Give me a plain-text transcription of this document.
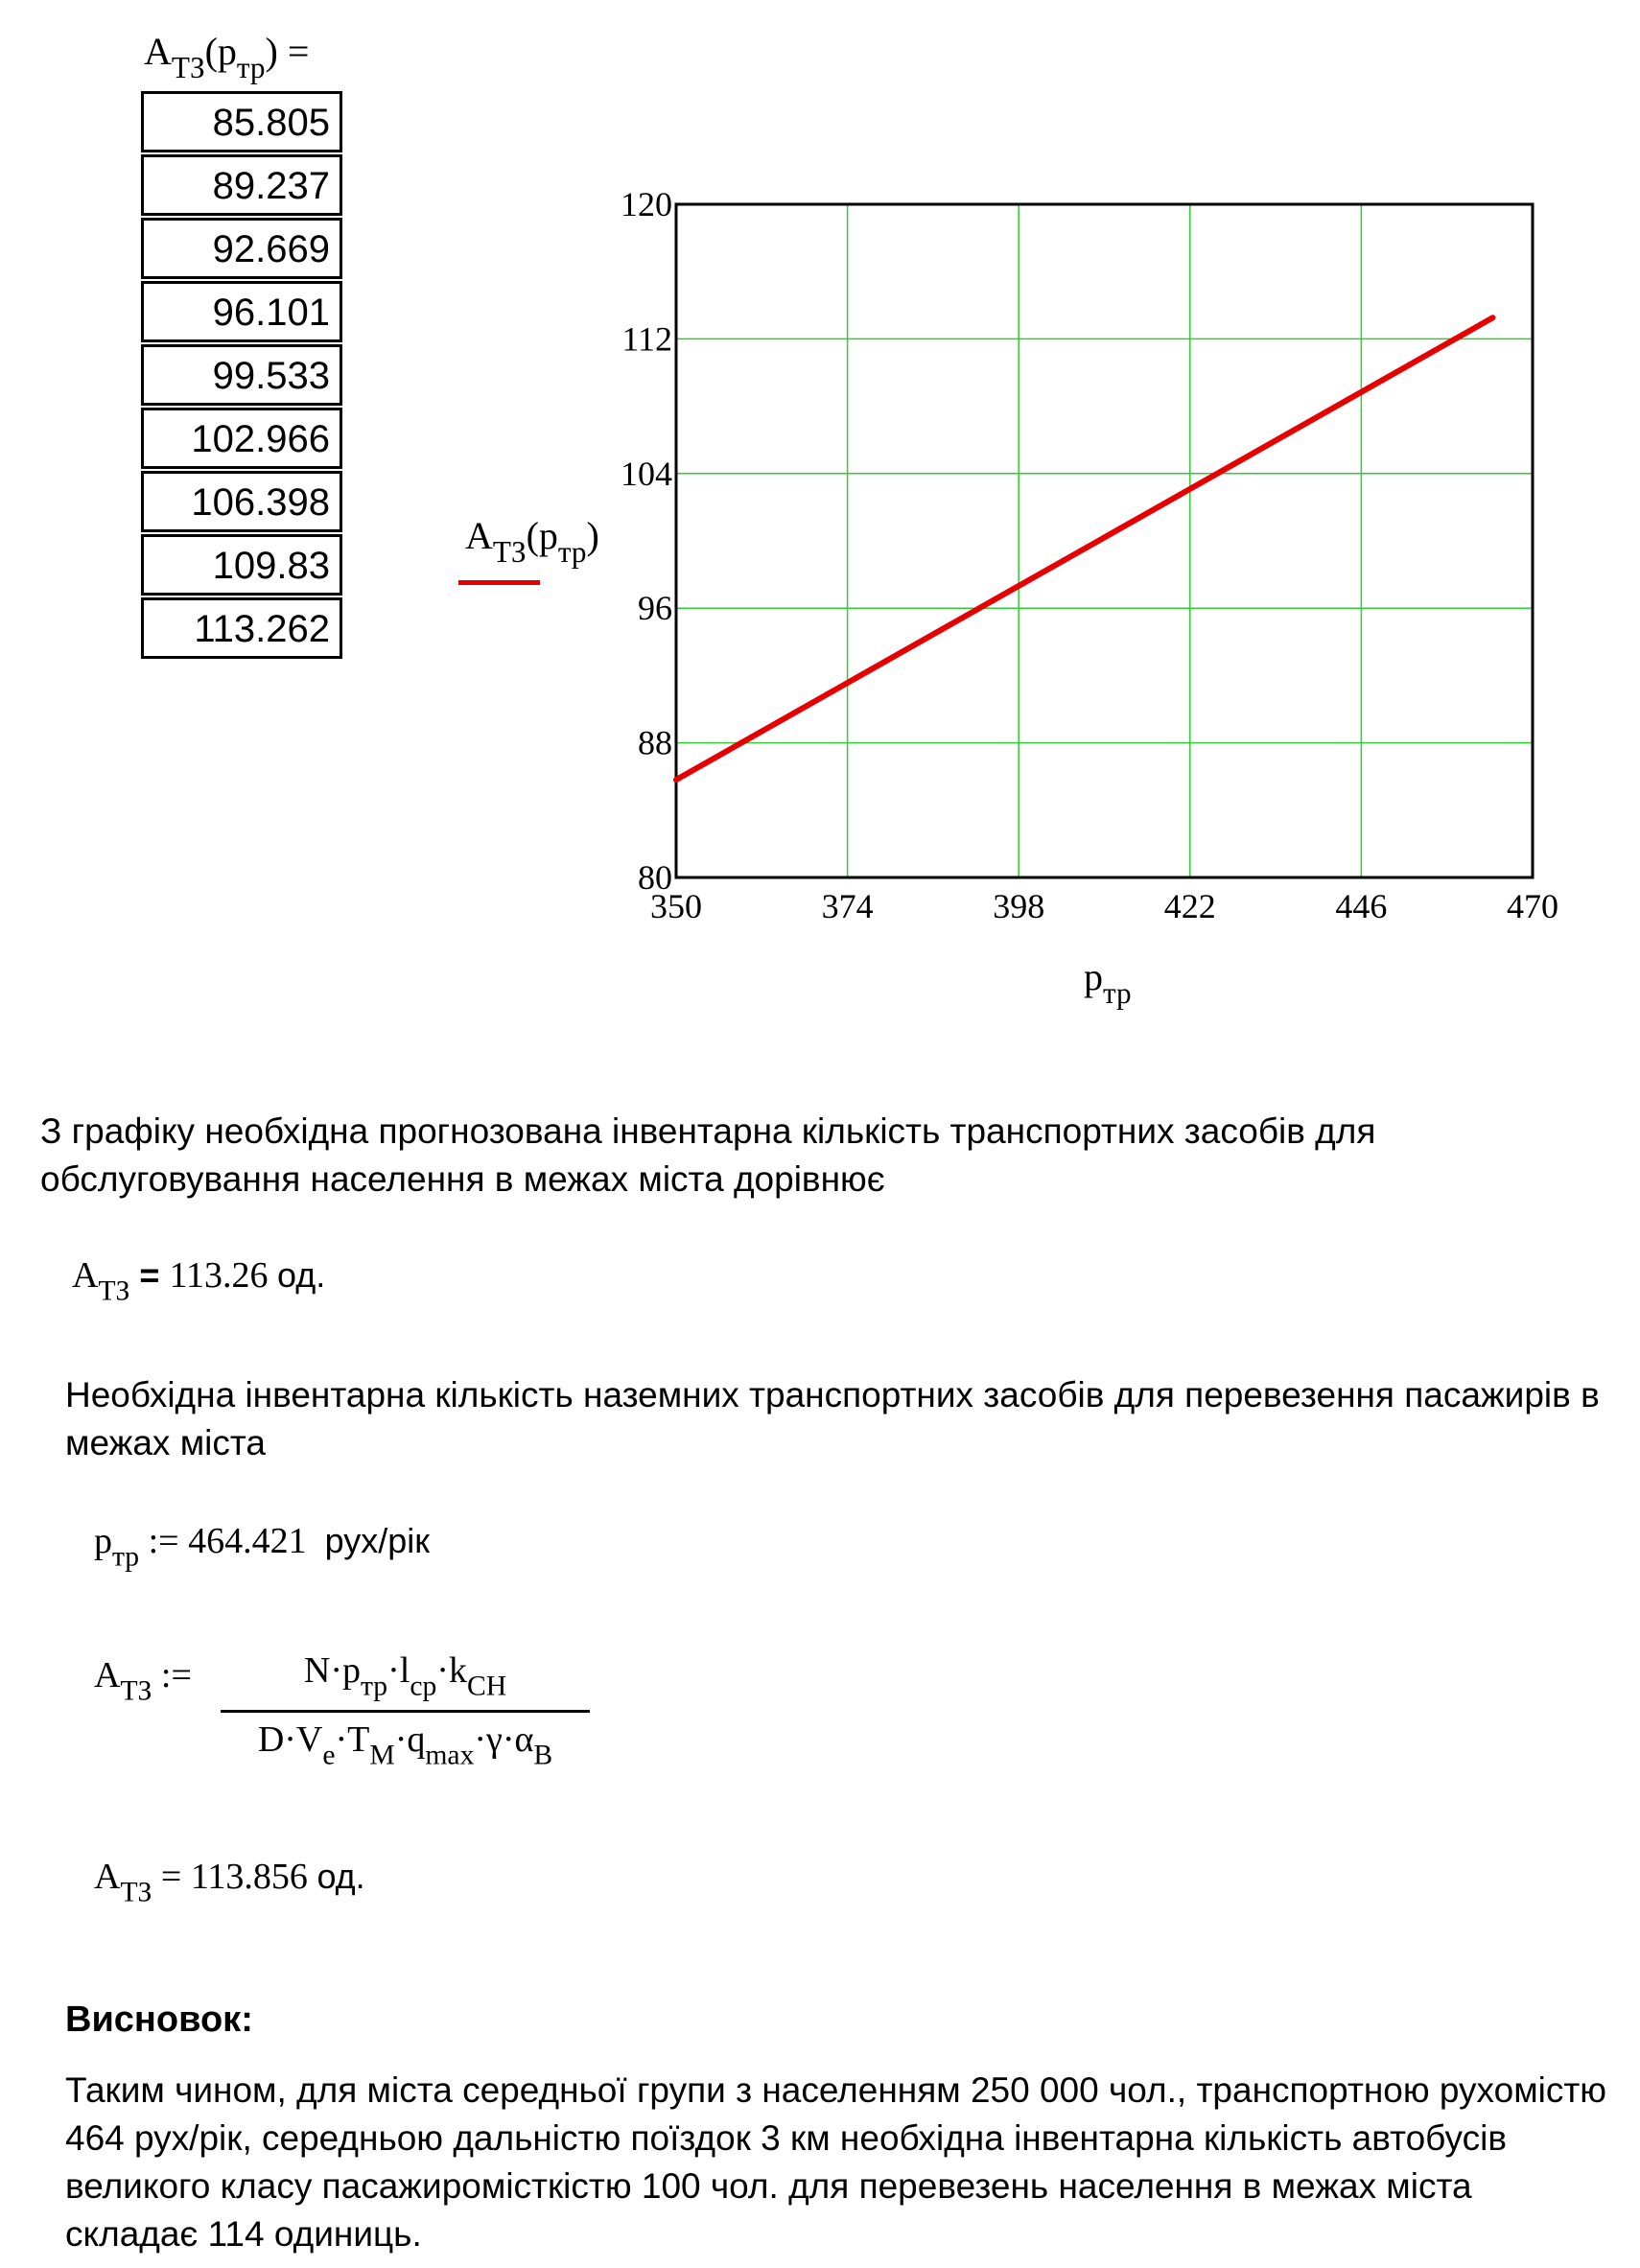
$A_{ТЗ}(p_{тр})$ =
85.805
89.237
92.669
96.101
99.533
102.966
106.398
109.83
113.262
350	374	398	422	446	470
80
88
96
104
112
120
$A_{ТЗ}(p_{тр})$
$p_{тр}$
З графіку необхідна прогнозована інвентарна кількість транспортних засобів для обслуговування населення в межах міста дорівнює
$A_{ТЗ} = 113.26$ од.
Необхідна інвентарна кількість наземних транспортних засобів для перевезення пасажирів в межах міста
$p_{тр}$ := 464.421 рух/рік
$A_{ТЗ}$ :=	$N\cdot p_{тр}\cdot l_{ср}\cdot k_{СН}$
$D\cdot V_e\cdot T_M\cdot q_{max}\cdot\gamma\cdot\alpha_B$
$A_{ТЗ} = 113.856$ од.
Висновок:
Таким чином, для міста середньої групи з населенням 250 000 чол., транспортною рухомістю 464 рух/рік, середньою дальністю поїздок 3 км необхідна інвентарна кількість автобусів великого класу пасажиромісткістю 100 чол. для перевезень населення в межах міста складає 114 одиниць.
